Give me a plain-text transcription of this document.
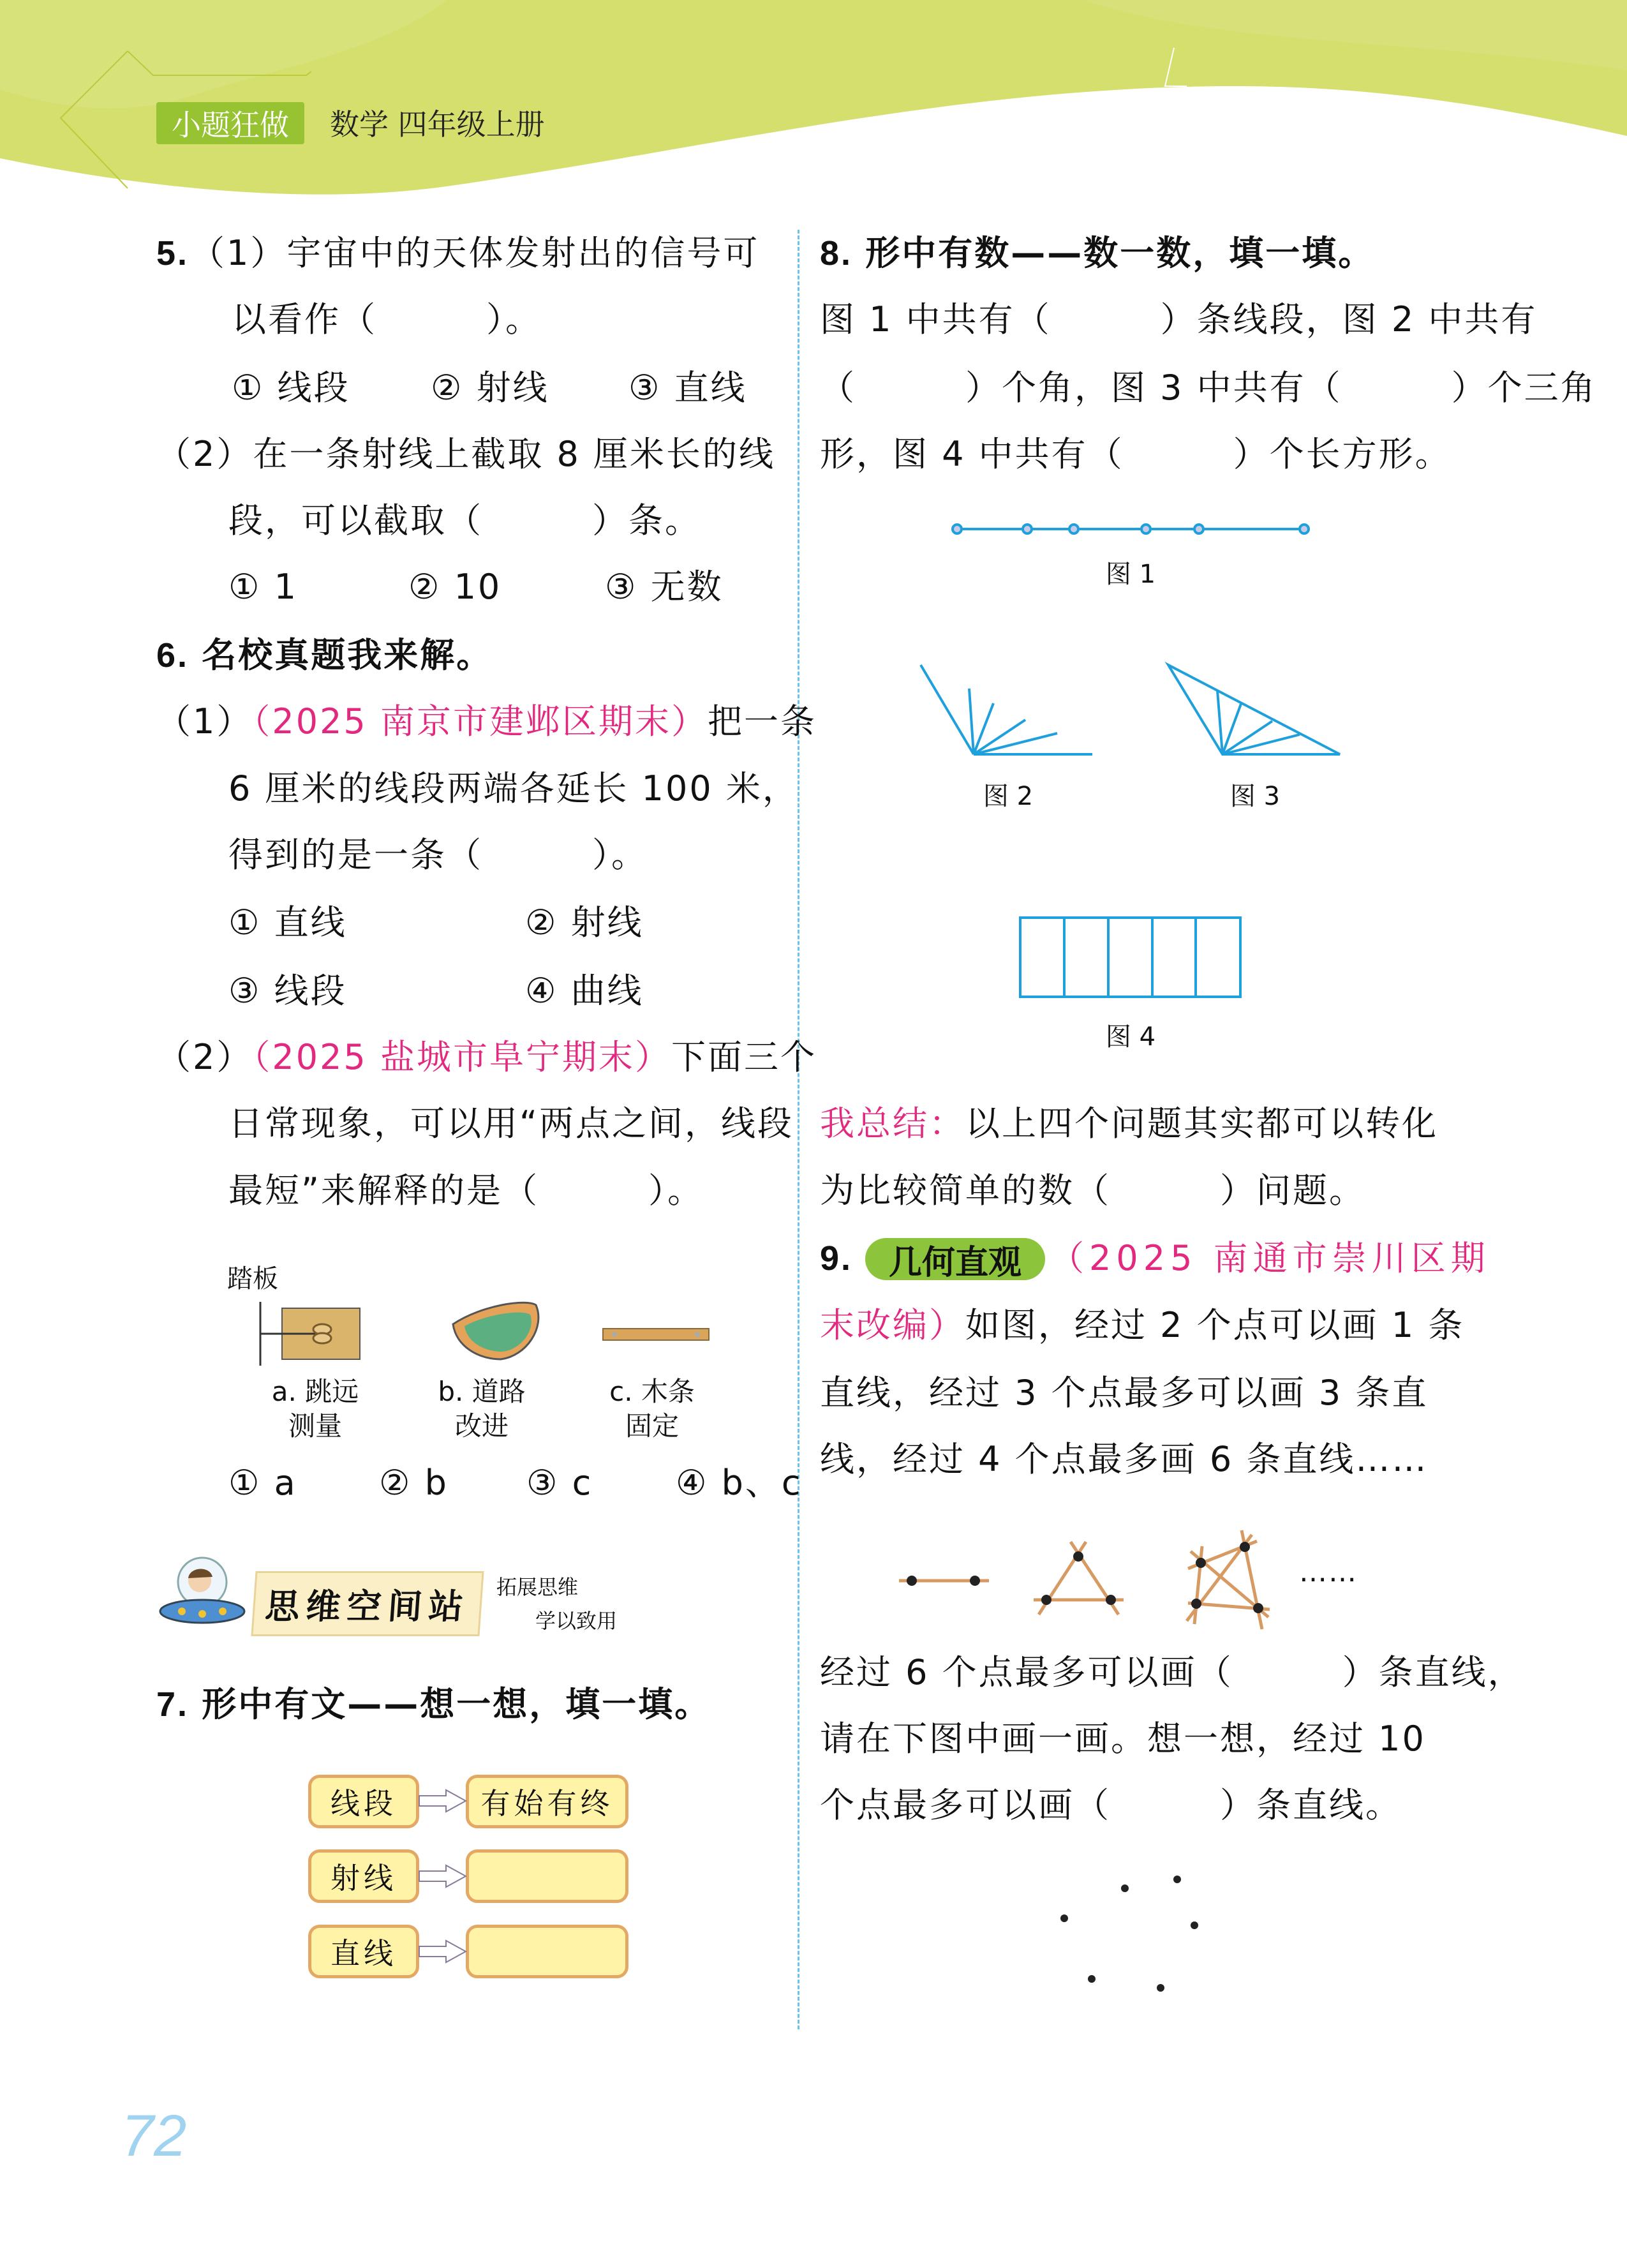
小题狂做	数学 四年级上册
5. （1）宇宙中的天体发射出的信号可
以看作（　　　）。
① 线段 ② 射线 ③ 直线
（2）在一条射线上截取 8 厘米长的线
段，可以截取（　　　）条。
① 1	② 10	③ 无数
6. 名校真题我来解。
（1）（2025 南京市建邺区期末）把一条
6 厘米的线段两端各延长 100 米，
得到的是一条（　　　）。
① 直线	② 射线
③ 线段	④ 曲线
（2）（2025 盐城市阜宁期末）下面三个
日常现象，可以用“两点之间，线段
最短”来解释的是（　　　）。
踏板
a. 跳远
测量
b. 道路
改进
c. 木条
固定
① a ② b ③ c ④ b、c
思维空间站	拓展思维
学以致用
7. 形中有文——想一想，填一填。
线段	有始有终
射线
直线
8. 形中有数——数一数，填一填。
图 1 中共有（　　　）条线段，图 2 中共有
（　　　）个角，图 3 中共有（　　　）个三角
形，图 4 中共有（　　　）个长方形。
图 1
图 2	图 3
图 4
我总结：以上四个问题其实都可以转化
为比较简单的数（　　　）问题。
9.	几何直观 （2025 南通市崇川区期
末改编）如图，经过 2 个点可以画 1 条
直线，经过 3 个点最多可以画 3 条直
线，经过 4 个点最多画 6 条直线……
……
经过 6 个点最多可以画（　　　）条直线，
请在下图中画一画。想一想，经过 10
个点最多可以画（　　　）条直线。
72
